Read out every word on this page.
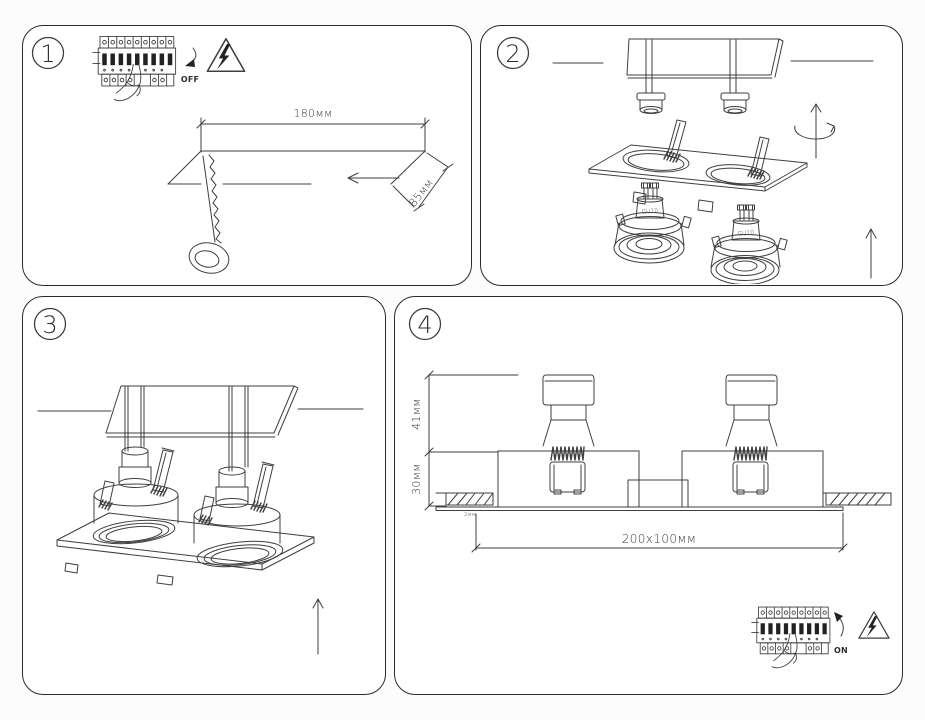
1
OFF
180мм
85мм
2
GU10
GU10
3	4
2мм
41мм
30мм
200x100мм
ON
